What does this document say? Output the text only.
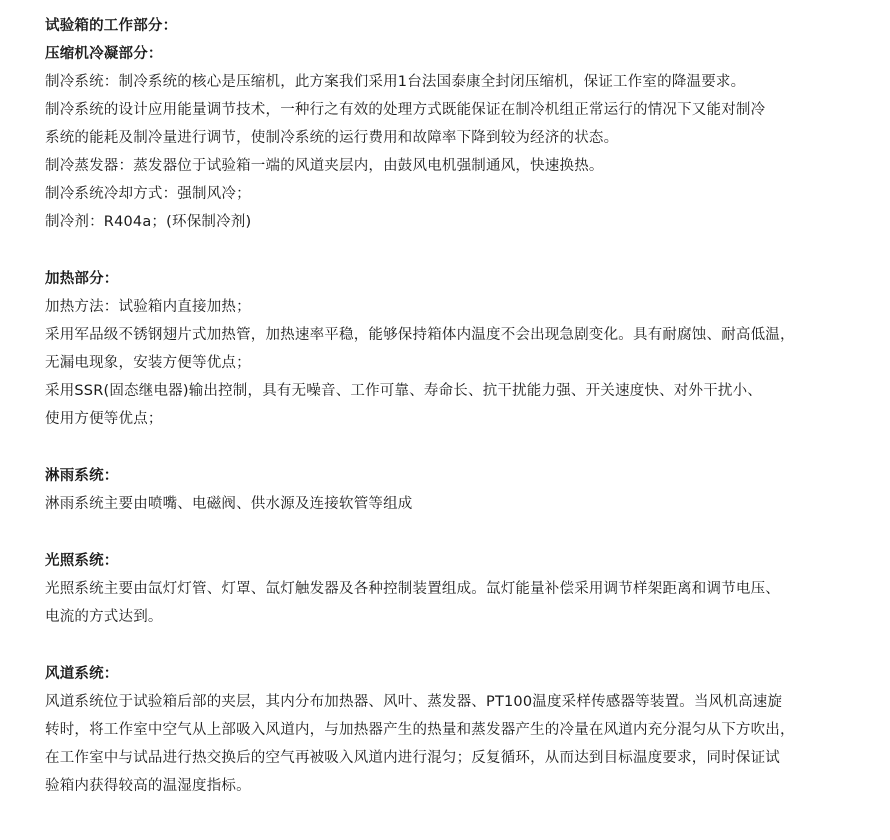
试验箱的工作部分：
压缩机冷凝部分：
制冷系统：制冷系统的核心是压缩机，此方案我们采用1台法国泰康全封闭压缩机，保证工作室的降温要求。
制冷系统的设计应用能量调节技术，一种行之有效的处理方式既能保证在制冷机组正常运行的情况下又能对制冷
系统的能耗及制冷量进行调节，使制冷系统的运行费用和故障率下降到较为经济的状态。
制冷蒸发器：蒸发器位于试验箱一端的风道夹层内，由鼓风电机强制通风，快速换热。
制冷系统冷却方式：强制风冷；
制冷剂：R404a；(环保制冷剂)
加热部分：
加热方法：试验箱内直接加热；
采用军品级不锈钢翅片式加热管，加热速率平稳，能够保持箱体内温度不会出现急剧变化。具有耐腐蚀、耐高低温，
无漏电现象，安装方便等优点；
采用SSR(固态继电器)输出控制，具有无噪音、工作可靠、寿命长、抗干扰能力强、开关速度快、对外干扰小、
使用方便等优点；
淋雨系统：
淋雨系统主要由喷嘴、电磁阀、供水源及连接软管等组成
光照系统：
光照系统主要由氙灯灯管、灯罩、氙灯触发器及各种控制装置组成。氙灯能量补偿采用调节样架距离和调节电压、
电流的方式达到。
风道系统：
风道系统位于试验箱后部的夹层，其内分布加热器、风叶、蒸发器、PT100温度采样传感器等装置。当风机高速旋
转时，将工作室中空气从上部吸入风道内，与加热器产生的热量和蒸发器产生的冷量在风道内充分混匀从下方吹出，
在工作室中与试品进行热交换后的空气再被吸入风道内进行混匀；反复循环，从而达到目标温度要求，同时保证试
验箱内获得较高的温湿度指标。
